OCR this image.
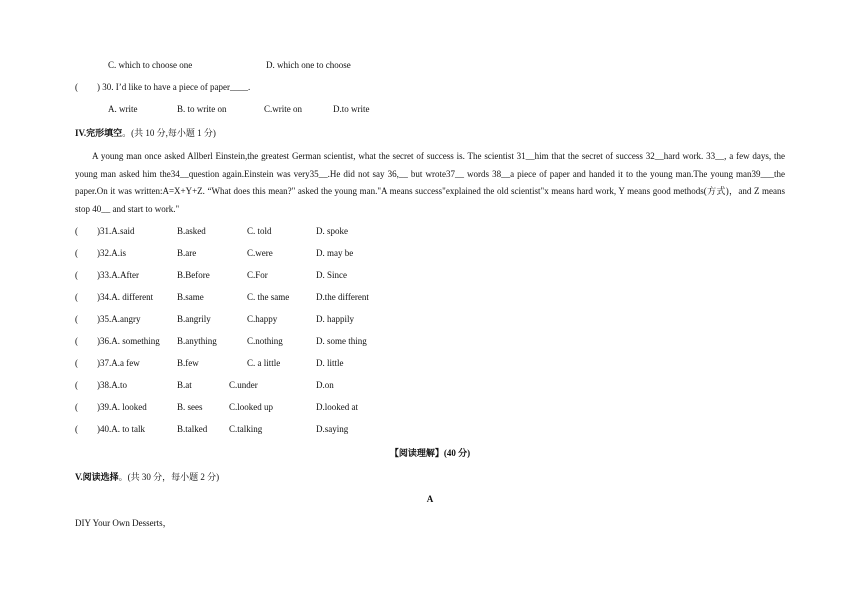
C. which to choose one	D. which one to choose
( ) 30. I’d like to have a piece of paper____.
A. write	B. to write on	C.write on	D.to write
IV.完形填空。(共 10 分,每小题 1 分)
A young man once asked Allberl Einstein,the greatest German scientist, what the secret of success is. The scientist 31__him that the secret of success 32__hard work. 33__, a few days, the young man asked him the34__question again.Einstein was very35__.He did not say 36,__ but wrote37__ words 38__a piece of paper and handed it to the young man.The young man39___the paper.On it was written:A=X+Y+Z. “What does this mean?" asked the young man."A means success"explained the old scientist"x means hard work, Y means good methods(方式)，and Z means stop 40__ and start to work."
( )31.A.said	B.asked	C. told	D. spoke
( )32.A.is	B.are	C.were	D. may be
( )33.A.After	B.Before	C.For	D. Since
( )34.A. different	B.same	C. the same	D.the different
( )35.A.angry	B.angrily	C.happy	D. happily
( )36.A. something B.anything	C.nothing	D. some thing
( )37.A.a few	B.few	C. a little	D. little
( )38.A.to	B.at	C.under	D.on
( )39.A. looked	B. sees	C.looked up	D.looked at
( )40.A. to talk	B.talked C.talking	D.saying
【阅读理解】(40 分)
V.阅读选择。(共 30 分，每小题 2 分)
A
DIY Your Own Desserts，
